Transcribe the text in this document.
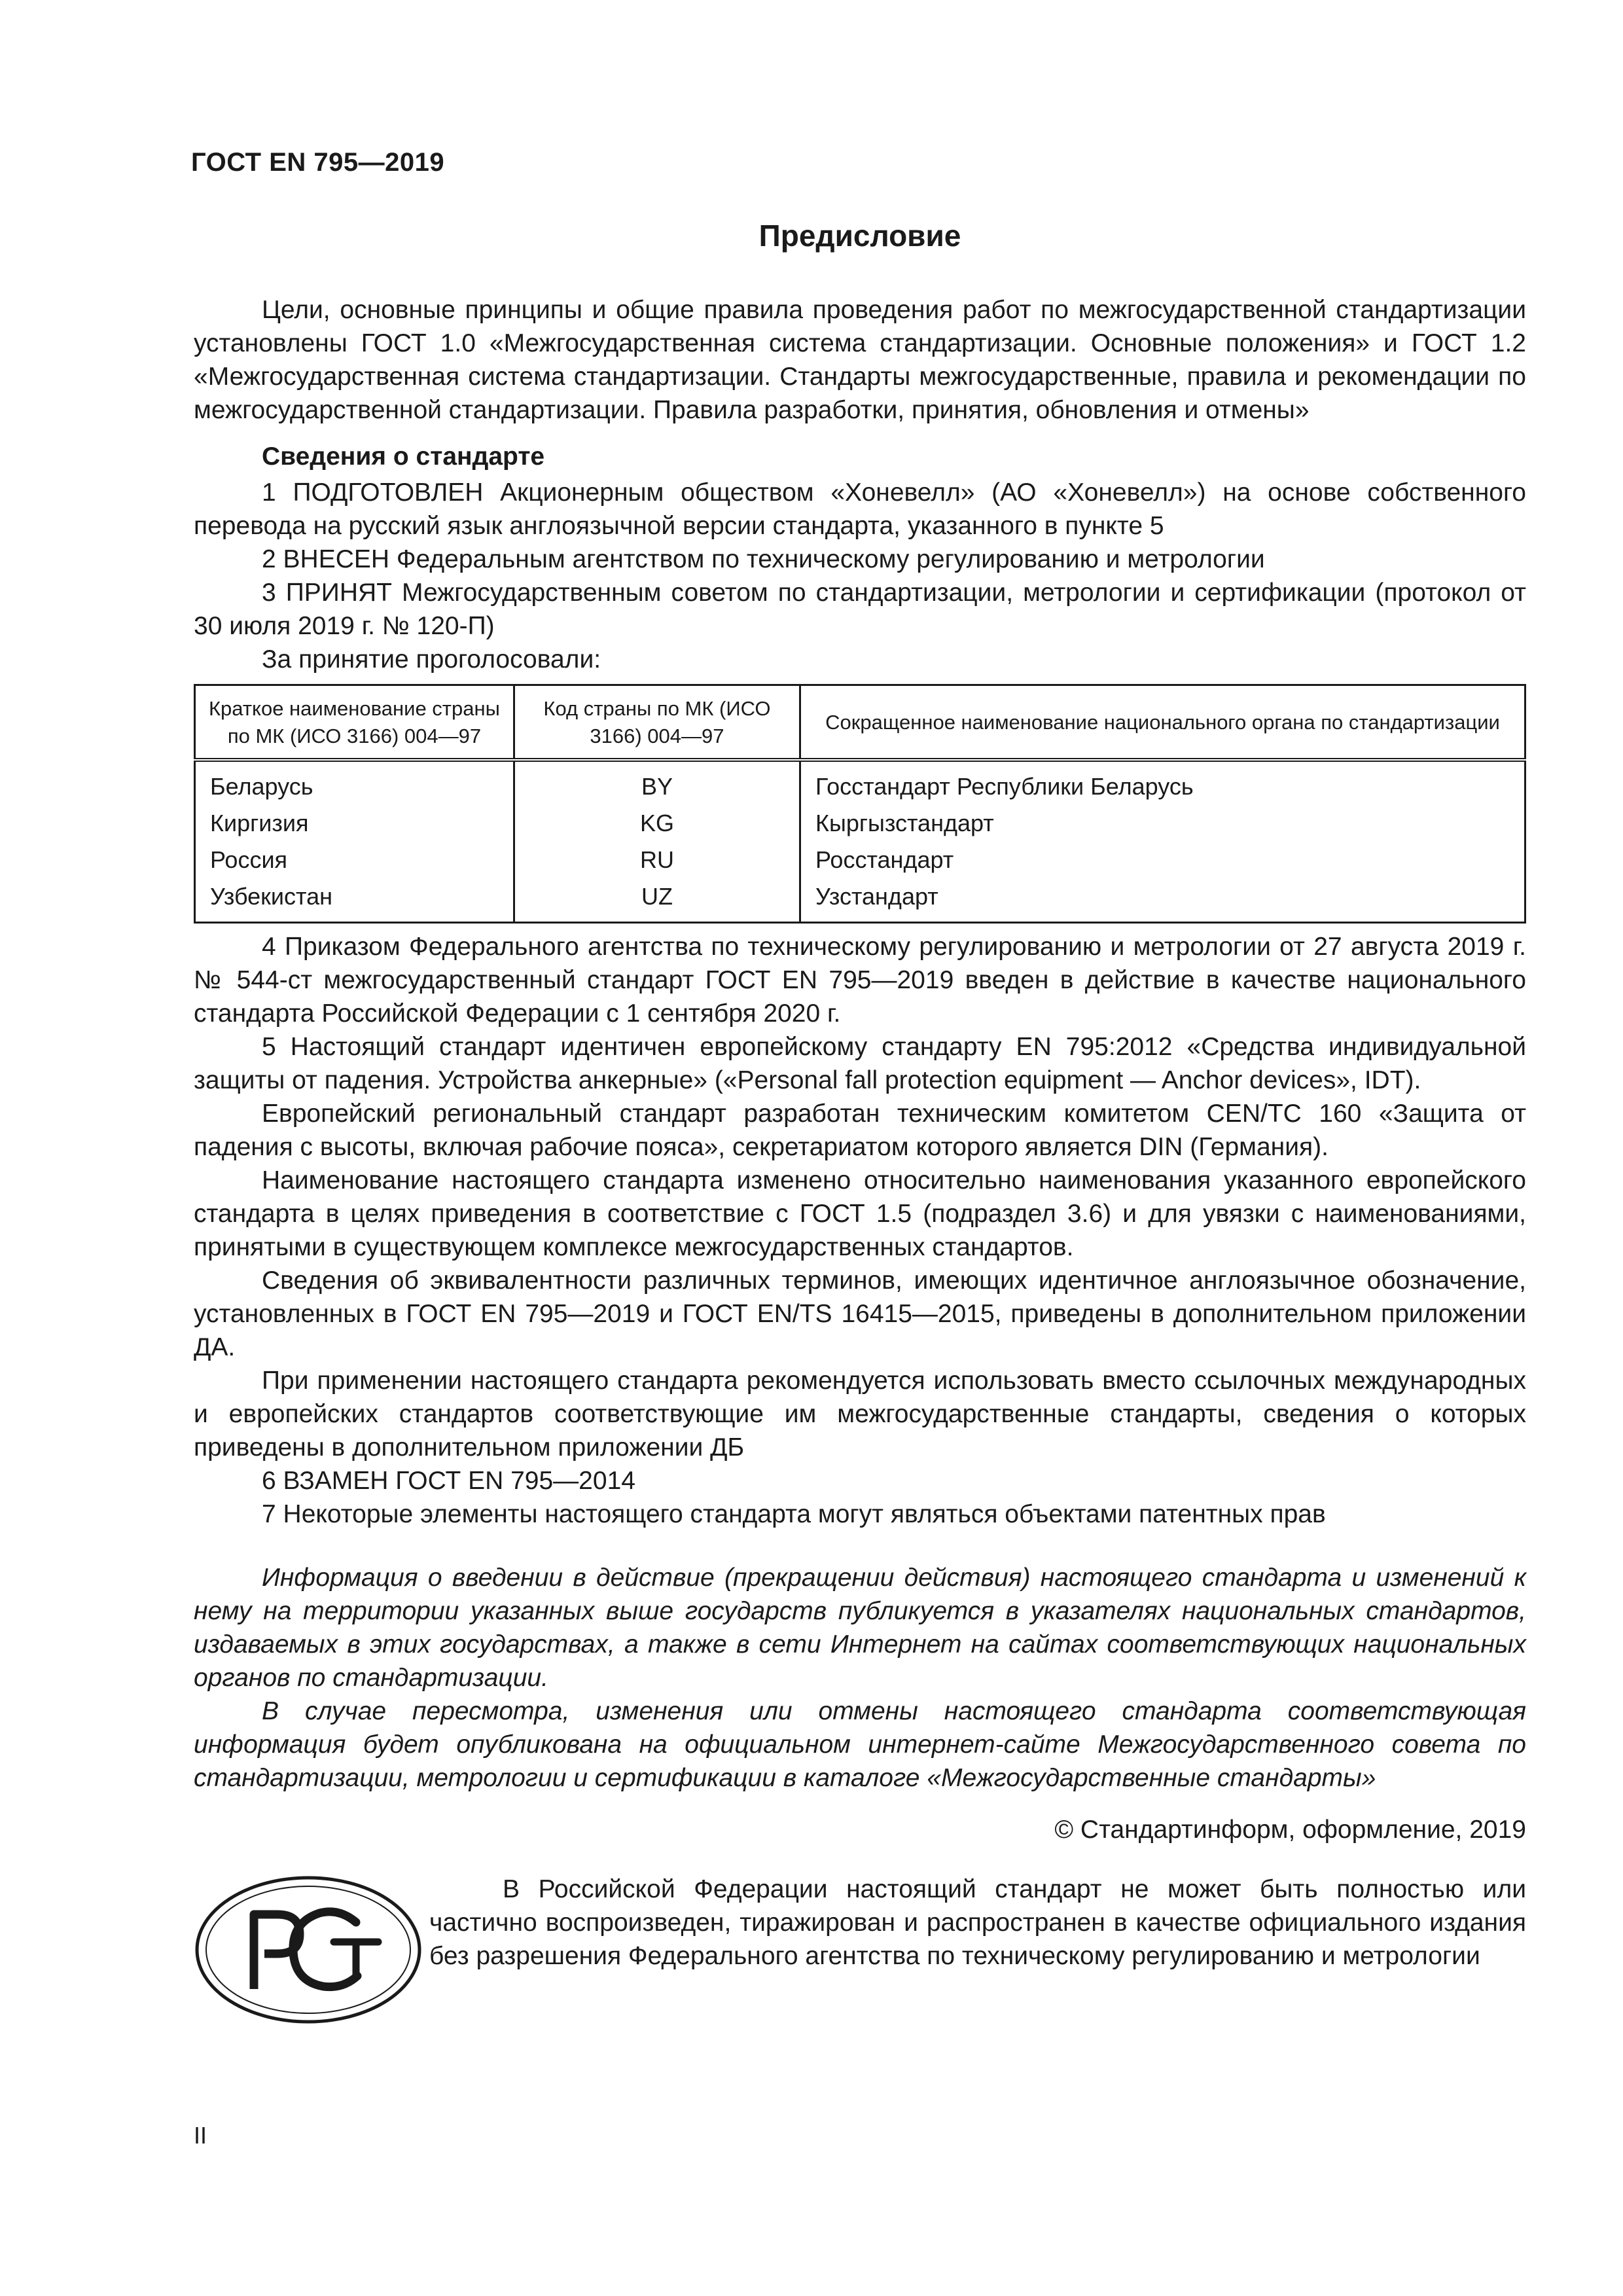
ГОСТ EN 795—2019
Предисловие

Цели, основные принципы и общие правила проведения работ по межгосударственной стандартизации установлены ГОСТ 1.0 «Межгосударственная система стандартизации. Основные положения» и ГОСТ 1.2 «Межгосударственная система стандартизации. Стандарты межгосударственные, правила и рекомендации по межгосударственной стандартизации. Правила разработки, принятия, обновления и отмены»

Сведения о стандарте

1 ПОДГОТОВЛЕН Акционерным обществом «Хоневелл» (АО «Хоневелл») на основе собственного перевода на русский язык англоязычной версии стандарта, указанного в пункте 5

2 ВНЕСЕН Федеральным агентством по техническому регулированию и метрологии

3 ПРИНЯТ Межгосударственным советом по стандартизации, метрологии и сертификации (протокол от 30 июля 2019 г. № 120-П)

За принятие проголосовали:

Краткое наименование страны по МК (ИСО 3166) 004—97	Код страны по МК (ИСО 3166) 004—97	Сокращенное наименование национального органа по стандартизации
Беларусь	BY	Госстандарт Республики Беларусь
Киргизия	KG	Кыргызстандарт
Россия	RU	Росстандарт
Узбекистан	UZ	Узстандарт

4 Приказом Федерального агентства по техническому регулированию и метрологии от 27 августа 2019 г. № 544-ст межгосударственный стандарт ГОСТ EN 795—2019 введен в действие в качестве национального стандарта Российской Федерации с 1 сентября 2020 г.

5 Настоящий стандарт идентичен европейскому стандарту EN 795:2012 «Средства индивидуальной защиты от падения. Устройства анкерные» («Personal fall protection equipment — Anchor devices», IDT).

Европейский региональный стандарт разработан техническим комитетом CEN/TC 160 «Защита от падения с высоты, включая рабочие пояса», секретариатом которого является DIN (Германия).

Наименование настоящего стандарта изменено относительно наименования указанного европейского стандарта в целях приведения в соответствие с ГОСТ 1.5 (подраздел 3.6) и для увязки с наименованиями, принятыми в существующем комплексе межгосударственных стандартов.

Сведения об эквивалентности различных терминов, имеющих идентичное англоязычное обозначение, установленных в ГОСТ EN 795—2019 и ГОСТ EN/TS 16415—2015, приведены в дополнительном приложении ДА.

При применении настоящего стандарта рекомендуется использовать вместо ссылочных международных и европейских стандартов соответствующие им межгосударственные стандарты, сведения о которых приведены в дополнительном приложении ДБ

6 ВЗАМЕН ГОСТ EN 795—2014

7 Некоторые элементы настоящего стандарта могут являться объектами патентных прав

Информация о введении в действие (прекращении действия) настоящего стандарта и изменений к нему на территории указанных выше государств публикуется в указателях национальных стандартов, издаваемых в этих государствах, а также в сети Интернет на сайтах соответствующих национальных органов по стандартизации.

В случае пересмотра, изменения или отмены настоящего стандарта соответствующая информация будет опубликована на официальном интернет-сайте Межгосударственного совета по стандартизации, метрологии и сертификации в каталоге «Межгосударственные стандарты»

© Стандартинформ, оформление, 2019

РСТ

В Российской Федерации настоящий стандарт не может быть полностью или частично воспроизведен, тиражирован и распространен в качестве официального издания без разрешения Федерального агентства по техническому регулированию и метрологии

II
